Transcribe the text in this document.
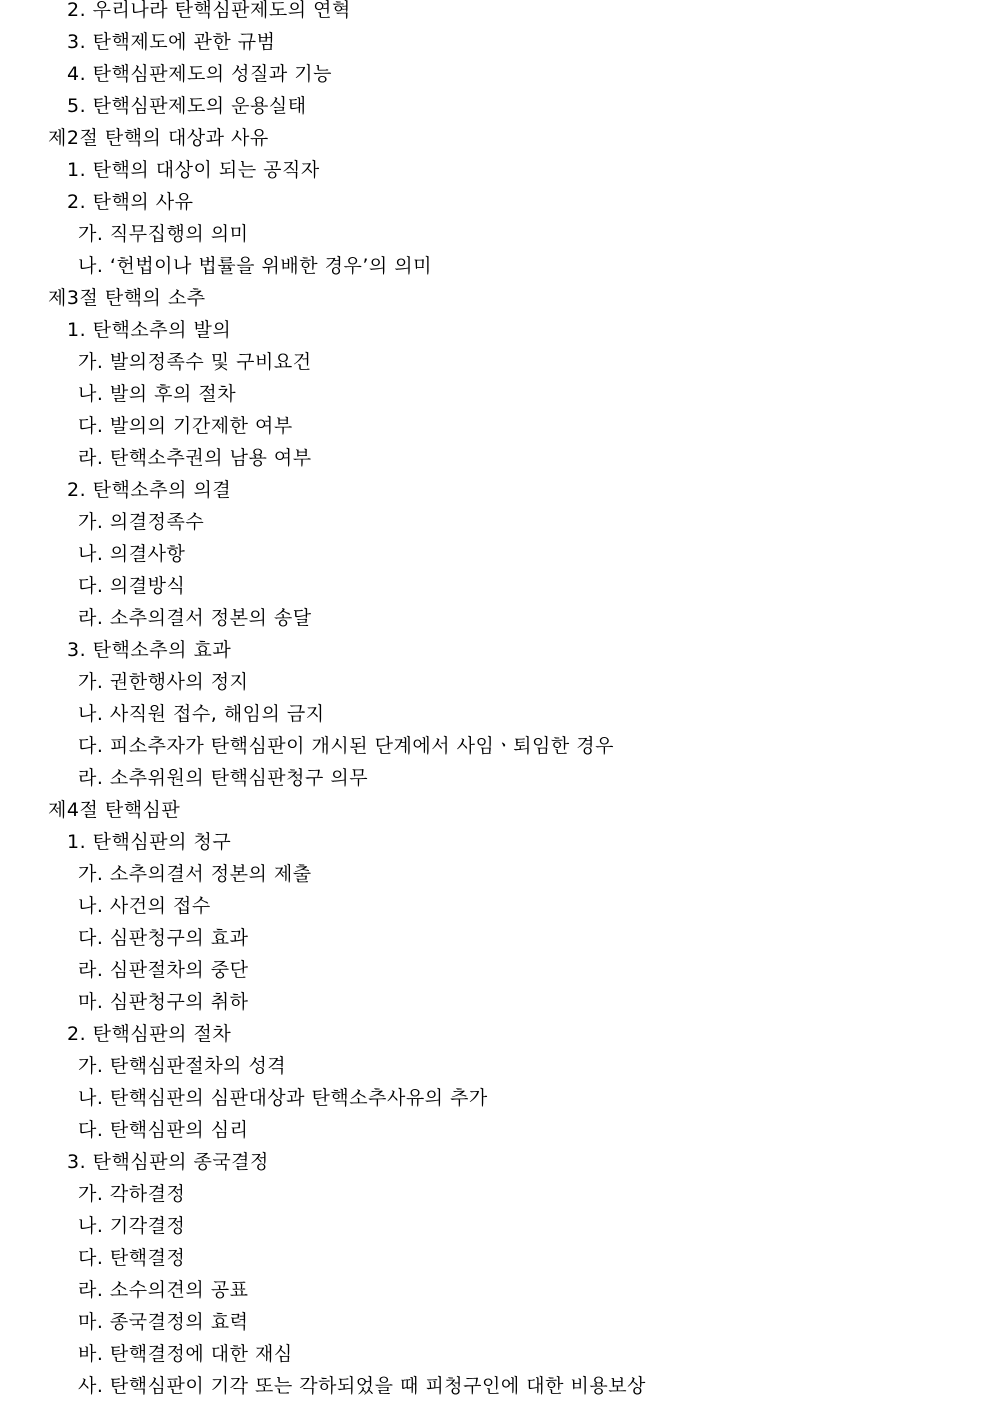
2. 우리나라 탄핵심판제도의 연혁
3. 탄핵제도에 관한 규범
4. 탄핵심판제도의 성질과 기능
5. 탄핵심판제도의 운용실태
제2절 탄핵의 대상과 사유
1. 탄핵의 대상이 되는 공직자
2. 탄핵의 사유
가. 직무집행의 의미
나. ‘헌법이나 법률을 위배한 경우’의 의미
제3절 탄핵의 소추
1. 탄핵소추의 발의
가. 발의정족수 및 구비요건
나. 발의 후의 절차
다. 발의의 기간제한 여부
라. 탄핵소추권의 남용 여부
2. 탄핵소추의 의결
가. 의결정족수
나. 의결사항
다. 의결방식
라. 소추의결서 정본의 송달
3. 탄핵소추의 효과
가. 권한행사의 정지
나. 사직원 접수, 해임의 금지
다. 피소추자가 탄핵심판이 개시된 단계에서 사임ㆍ퇴임한 경우
라. 소추위원의 탄핵심판청구 의무
제4절 탄핵심판
1. 탄핵심판의 청구
가. 소추의결서 정본의 제출
나. 사건의 접수
다. 심판청구의 효과
라. 심판절차의 중단
마. 심판청구의 취하
2. 탄핵심판의 절차
가. 탄핵심판절차의 성격
나. 탄핵심판의 심판대상과 탄핵소추사유의 추가
다. 탄핵심판의 심리
3. 탄핵심판의 종국결정
가. 각하결정
나. 기각결정
다. 탄핵결정
라. 소수의견의 공표
마. 종국결정의 효력
바. 탄핵결정에 대한 재심
사. 탄핵심판이 기각 또는 각하되었을 때 피청구인에 대한 비용보상
